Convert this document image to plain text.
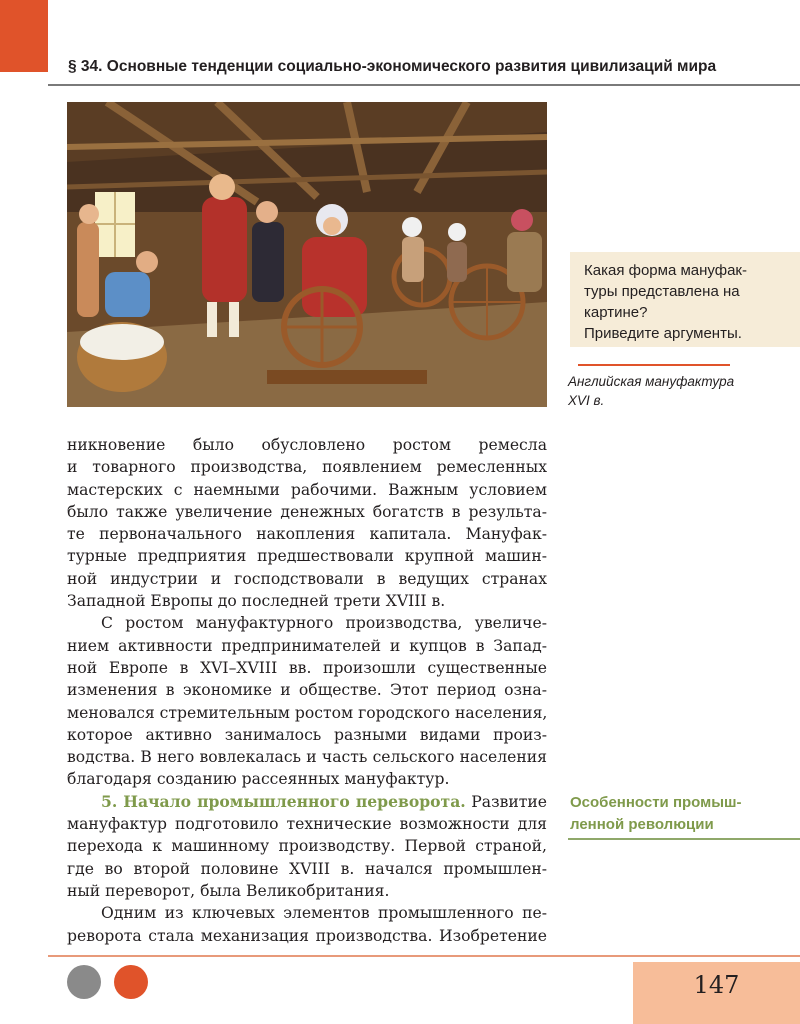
§ 34. Основные тенденции социально-экономического развития цивилизаций мира
Какая форма мануфак-
туры представлена на
картине?
Приведите аргументы.
Английская мануфактура
XVI в.
никновение было обусловлено ростом ремесла
и товарного производства, появлением ремесленных
мастерских с наемными рабочими. Важным условием
было также увеличение денежных богатств в результа-
те первоначального накопления капитала. Мануфак-
турные предприятия предшествовали крупной машин-
ной индустрии и господствовали в ведущих странах
Западной Европы до последней трети XVIII в.
С ростом мануфактурного производства, увеличе-
нием активности предпринимателей и купцов в Запад-
ной Европе в XVI–XVIII вв. произошли существенные
изменения в экономике и обществе. Этот период озна-
меновался стремительным ростом городского населения,
которое активно занималось разными видами произ-
водства. В него вовлекалась и часть сельского населения
благодаря созданию рассеянных мануфактур.
5. Начало промышленного переворота. Развитие
мануфактур подготовило технические возможности для
перехода к машинному производству. Первой страной,
где во второй половине XVIII в. начался промышлен-
ный переворот, была Великобритания.
Одним из ключевых элементов промышленного пе-
реворота стала механизация производства. Изобретение
Особенности промыш-
ленной революции
147
